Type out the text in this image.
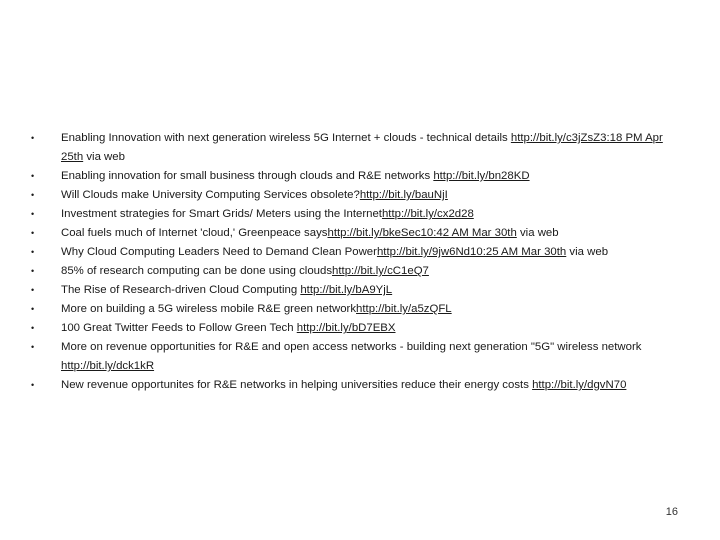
• Enabling Innovation with next generation wireless 5G Internet + clouds - technical details http://bit.ly/c3jZsZ3:18 PM Apr 25th via web
• Enabling innovation for small business through clouds and R&E networks http://bit.ly/bn28KD
• Will Clouds make University Computing Services obsolete?http://bit.ly/bauNjI
• Investment strategies for Smart Grids/ Meters using the Internethttp://bit.ly/cx2d28
• Coal fuels much of Internet 'cloud,' Greenpeace sayshttp://bit.ly/bkeSec10:42 AM Mar 30th via web
• Why Cloud Computing Leaders Need to Demand Clean Powerhttp://bit.ly/9jw6Nd10:25 AM Mar 30th via web
• 85% of research computing can be done using cloudshttp://bit.ly/cC1eQ7
• The Rise of Research-driven Cloud Computing http://bit.ly/bA9YjL
• More on building a 5G wireless mobile R&E green networkhttp://bit.ly/a5zQFL
• 100 Great Twitter Feeds to Follow Green Tech http://bit.ly/bD7EBX
• More on revenue opportunities for R&E and open access networks - building next generation "5G" wireless network http://bit.ly/dck1kR
• New revenue opportunites for R&E networks in helping universities reduce their energy costs http://bit.ly/dgvN70
16
